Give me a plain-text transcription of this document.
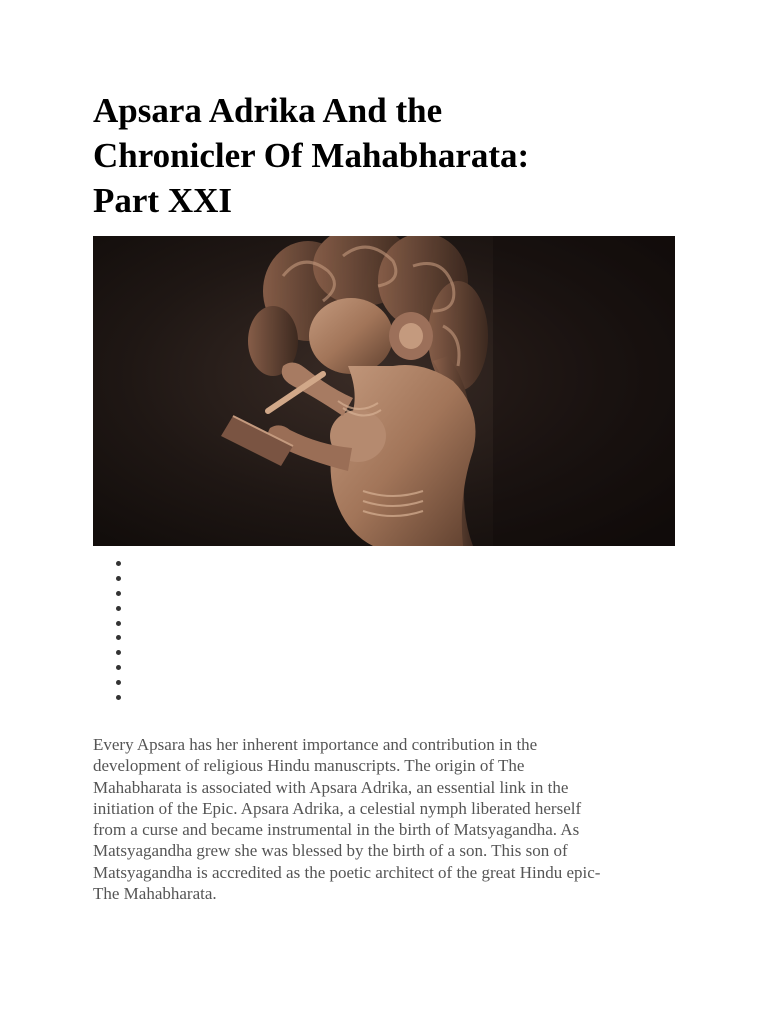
Apsara Adrika And the
Chronicler Of Mahabharata:
Part XXI
Every Apsara has her inherent importance and contribution in the
development of religious Hindu manuscripts. The origin of The
Mahabharata is associated with Apsara Adrika, an essential link in the
initiation of the Epic. Apsara Adrika, a celestial nymph liberated herself
from a curse and became instrumental in the birth of Matsyagandha. As
Matsyagandha grew she was blessed by the birth of a son. This son of
Matsyagandha is accredited as the poetic architect of the great Hindu epic-
The Mahabharata.
